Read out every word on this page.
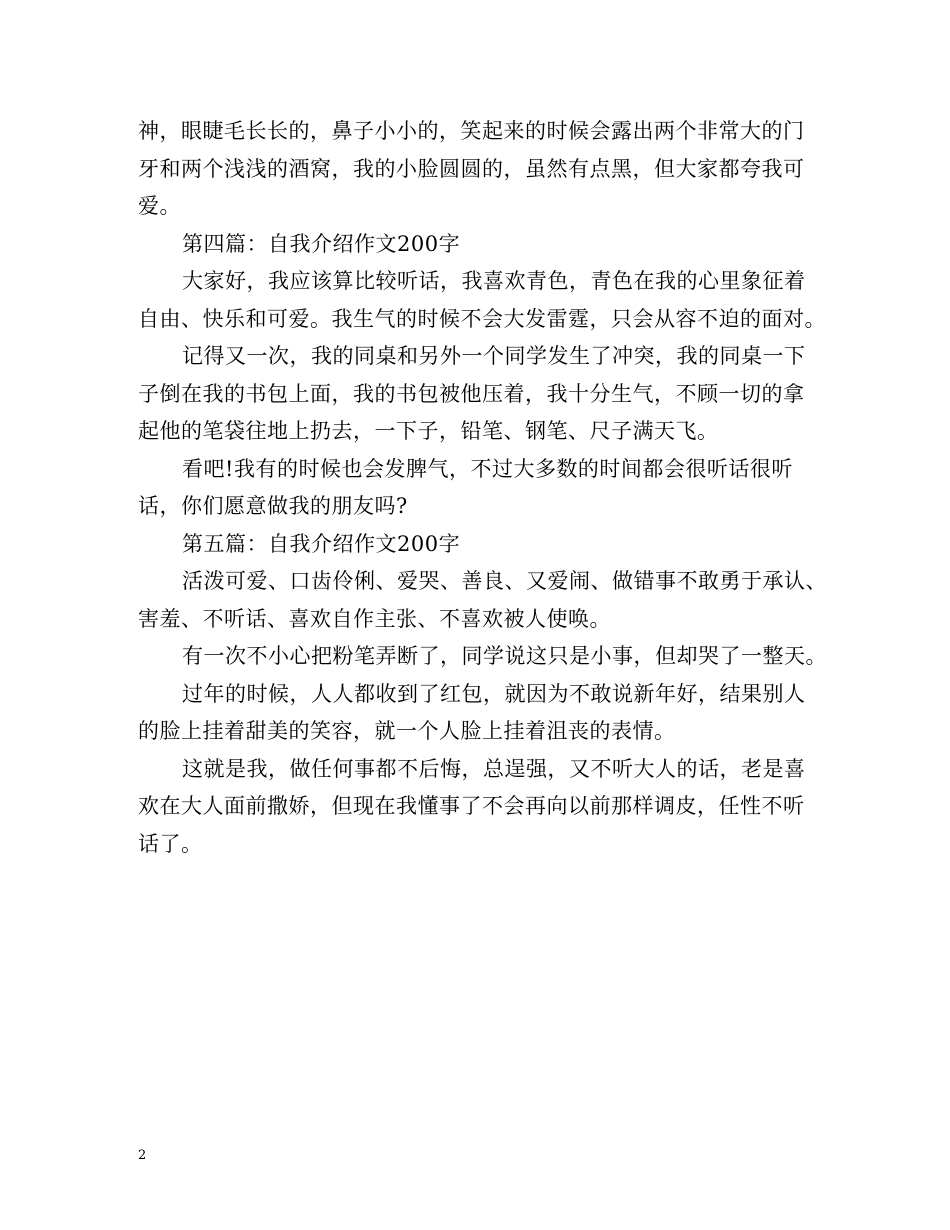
神，眼睫毛长长的，鼻子小小的，笑起来的时候会露出两个非常大的门
牙和两个浅浅的酒窝，我的小脸圆圆的，虽然有点黑，但大家都夸我可
爱。
第四篇：自我介绍作文200字
大家好，我应该算比较听话，我喜欢青色，青色在我的心里象征着
自由、快乐和可爱。我生气的时候不会大发雷霆，只会从容不迫的面对。
记得又一次，我的同桌和另外一个同学发生了冲突，我的同桌一下
子倒在我的书包上面，我的书包被他压着，我十分生气，不顾一切的拿
起他的笔袋往地上扔去，一下子，铅笔、钢笔、尺子满天飞。
看吧!我有的时候也会发脾气，不过大多数的时间都会很听话很听
话，你们愿意做我的朋友吗?
第五篇：自我介绍作文200字
活泼可爱、口齿伶俐、爱哭、善良、又爱闹、做错事不敢勇于承认、
害羞、不听话、喜欢自作主张、不喜欢被人使唤。
有一次不小心把粉笔弄断了，同学说这只是小事，但却哭了一整天。
过年的时候，人人都收到了红包，就因为不敢说新年好，结果别人
的脸上挂着甜美的笑容，就一个人脸上挂着沮丧的表情。
这就是我，做任何事都不后悔，总逞强，又不听大人的话，老是喜
欢在大人面前撒娇，但现在我懂事了不会再向以前那样调皮，任性不听
话了。
2
